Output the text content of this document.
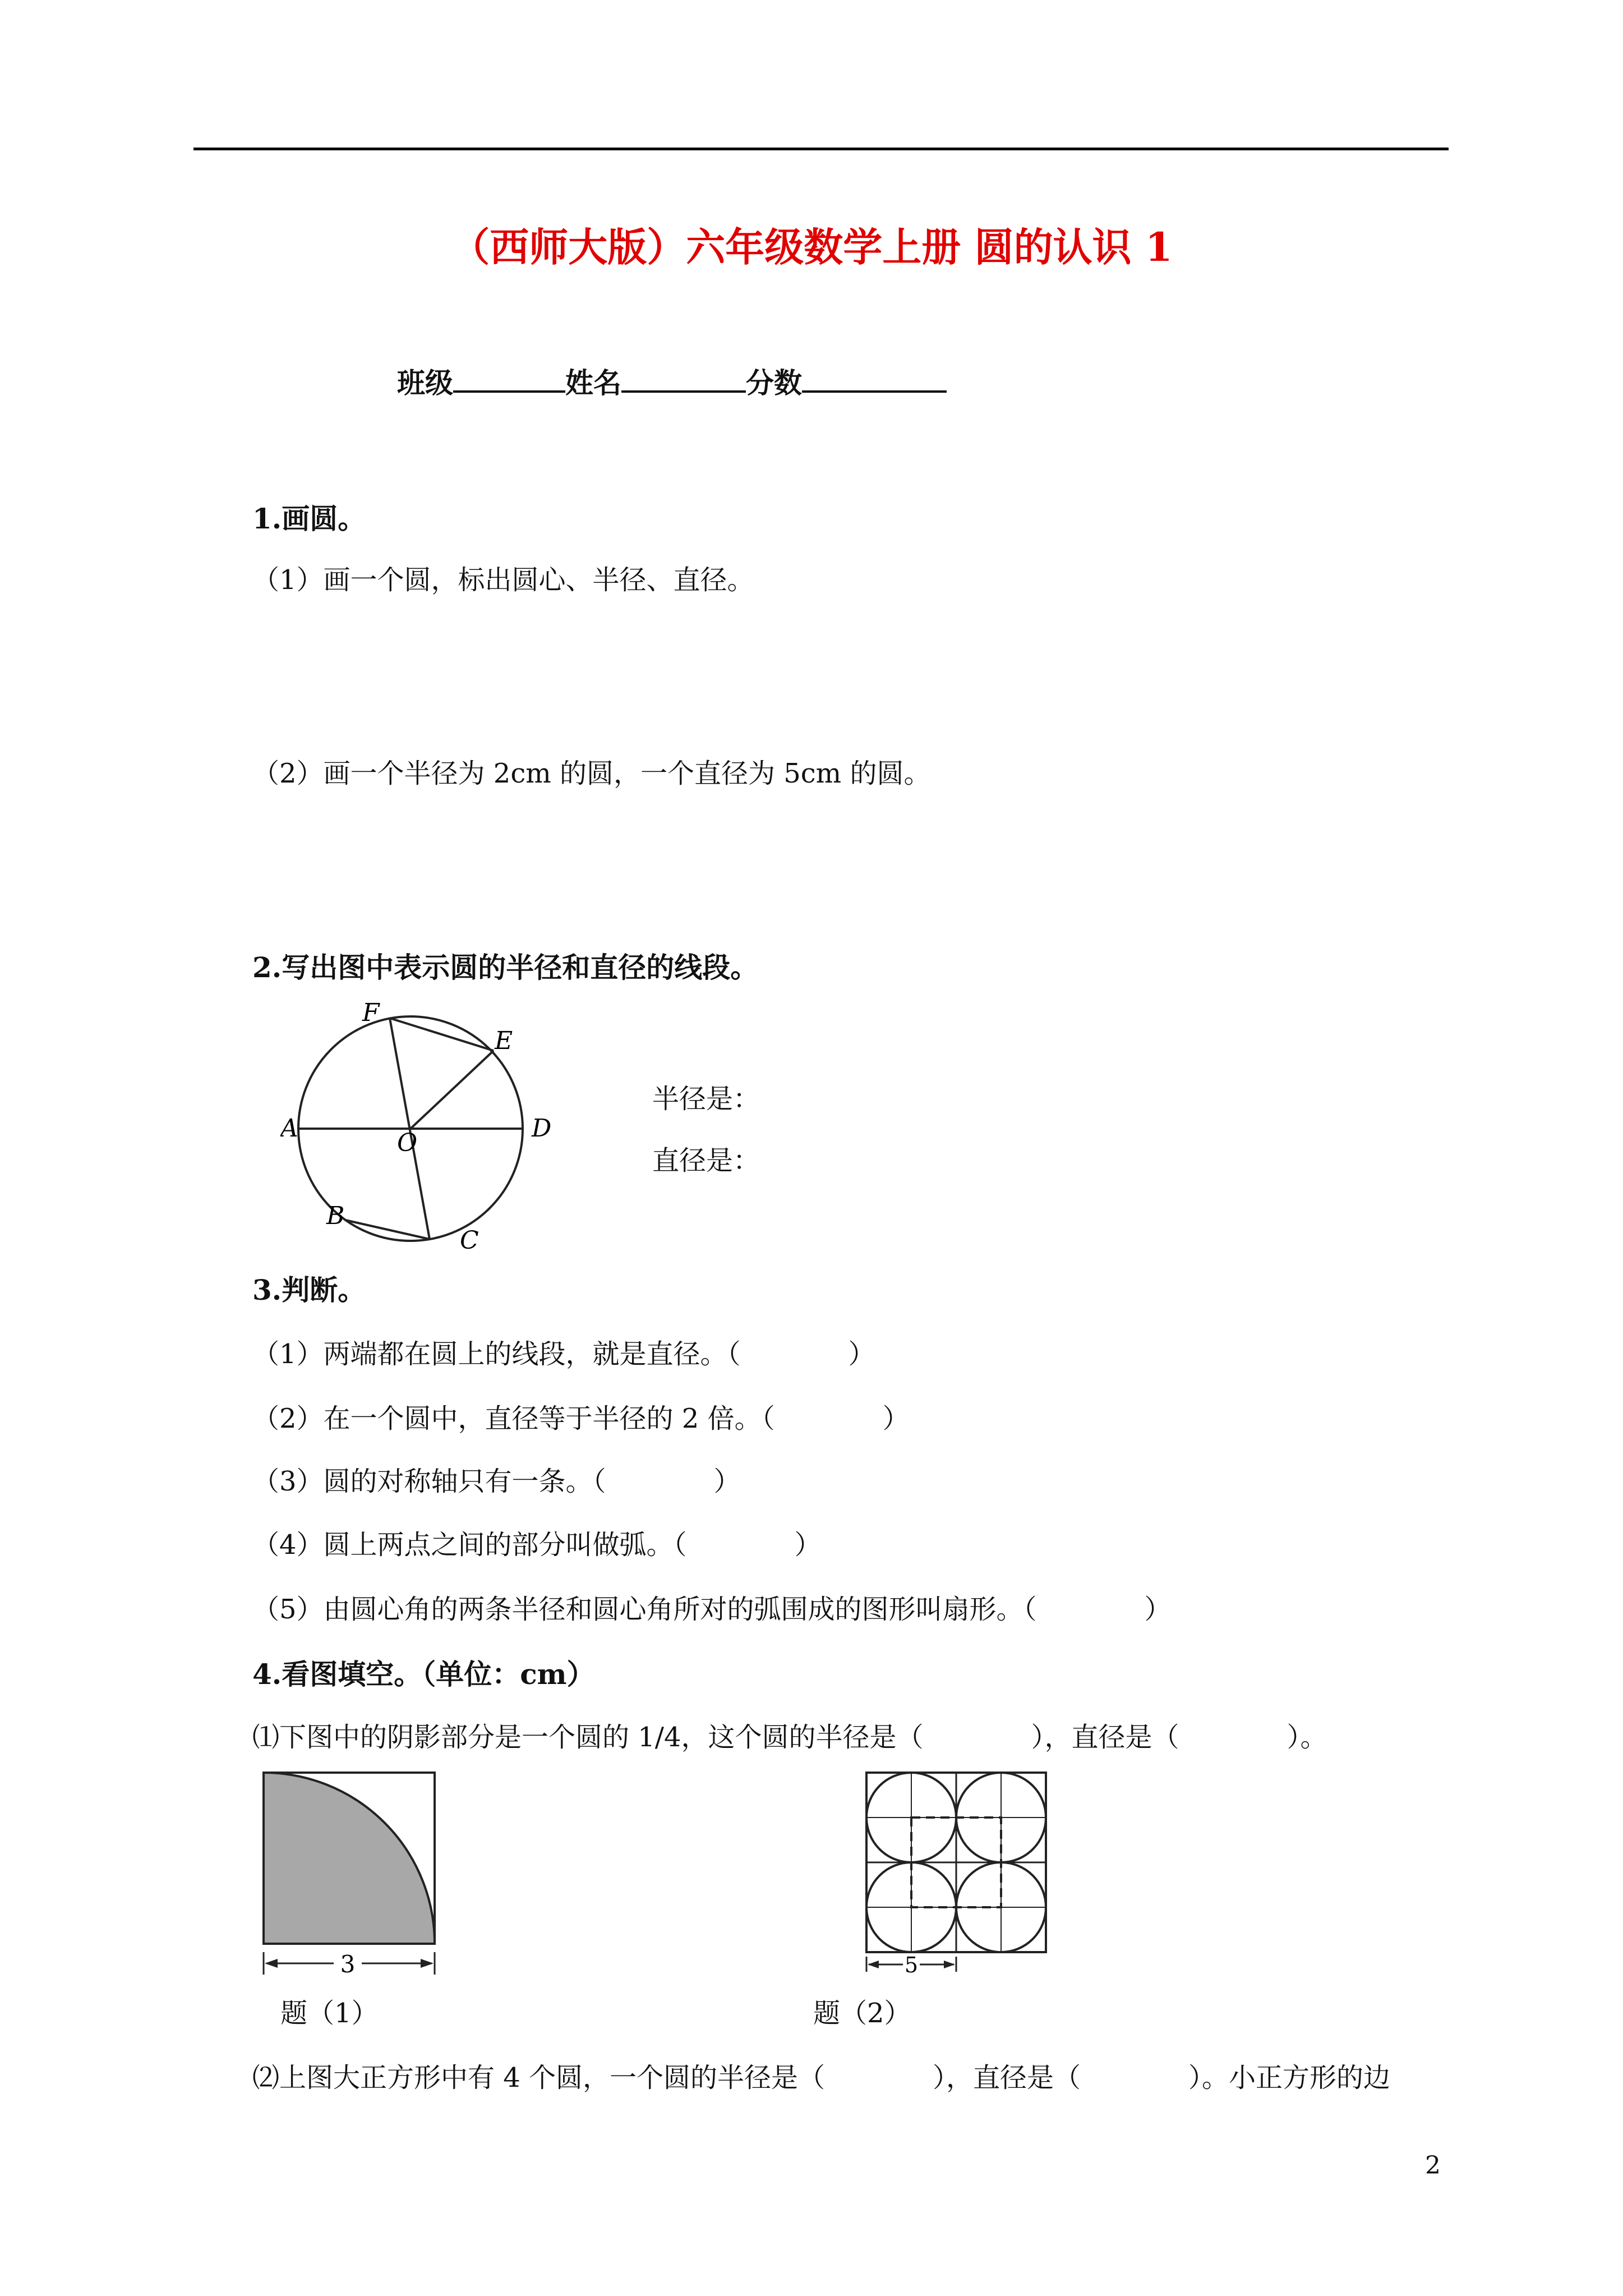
（西师大版）六年级数学上册 圆的认识 1
班级	姓名	分数
1.画圆。
（1）画一个圆，标出圆心、半径、直径。
（2）画一个半径为 2cm 的圆，一个直径为 5cm 的圆。
2.写出图中表示圆的半径和直径的线段。
F
E
A
O
D
B
C
半径是：
直径是：
3.判断。
（1）两端都在圆上的线段，就是直径。（　　　　）
（2）在一个圆中，直径等于半径的 2 倍。（　　　　）
（3）圆的对称轴只有一条。（　　　　）
（4）圆上两点之间的部分叫做弧。（　　　　）
（5）由圆心角的两条半径和圆心角所对的弧围成的图形叫扇形。（　　　　）
4.看图填空。（单位：cm）
⑴下图中的阴影部分是一个圆的 1/4，这个圆的半径是（　　　　），直径是（　　　　）。
3	5
题（1）	题（2）
⑵上图大正方形中有 4 个圆，一个圆的半径是（　　　　），直径是（　　　　）。小正方形的边
2
